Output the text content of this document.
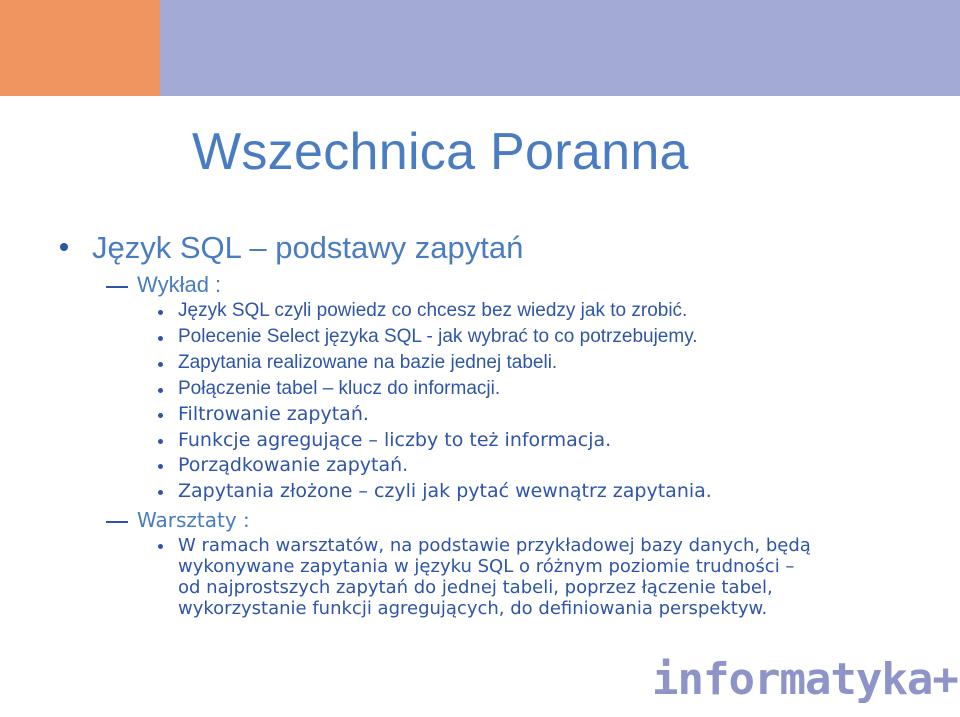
Wszechnica Poranna
Język SQL – podstawy zapytań
Wykład :
Język SQL czyli powiedz co chcesz bez wiedzy jak to zrobić.
Polecenie Select języka SQL - jak wybrać to co potrzebujemy.
Zapytania realizowane na bazie jednej tabeli.
Połączenie tabel – klucz do informacji.
Filtrowanie zapytań.
Funkcje agregujące – liczby to też informacja.
Porządkowanie zapytań.
Zapytania złożone – czyli jak pytać wewnątrz zapytania.
Warsztaty :
W ramach warsztatów, na podstawie przykładowej bazy danych, będą
wykonywane zapytania w języku SQL o różnym poziomie trudności –
od najprostszych zapytań do jednej tabeli, poprzez łączenie tabel,
wykorzystanie funkcji agregujących, do definiowania perspektyw.
informatyka+
